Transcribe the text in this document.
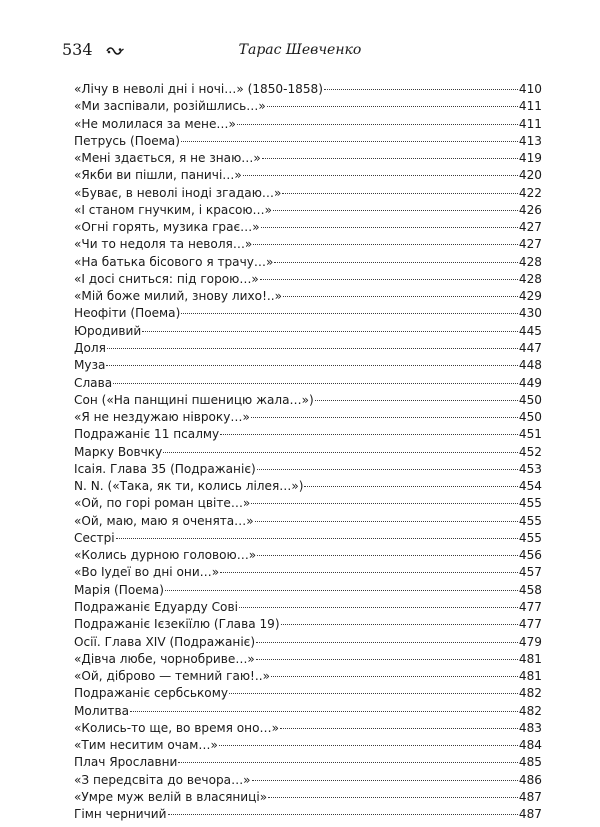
534	Тарас Шевченко
«Лічу в неволі дні і ночі…» (1850-1858)	410
«Ми заспівали, розійшлись…»	411
«Не молилася за мене…»	411
Петрусь (Поема)	413
«Мені здається, я не знаю…»	419
«Якби ви пішли, паничі…»	420
«Буває, в неволі іноді згадаю…»	422
«І станом гнучким, і красою…»	426
«Огні горять, музика грає…»	427
«Чи то недоля та неволя…»	427
«На батька бісового я трачу…»	428
«І досі сниться: під горою…»	428
«Мій боже милий, знову лихо!..»	429
Неофіти (Поема)	430
Юродивий	445
Доля	447
Муза	448
Слава	449
Сон («На панщині пшеницю жала…»)	450
«Я не нездужаю нівроку…»	450
Подражаніє 11 псалму	451
Марку Вовчку	452
Ісаія. Глава 35 (Подражаніє)	453
N. N. («Така, як ти, колись лілея…»)	454
«Ой, по горі роман цвіте…»	455
«Ой, маю, маю я оченята…»	455
Сестрі	455
«Колись дурною головою…»	456
«Во Іудеї во дні они…»	457
Марія (Поема)	458
Подражаніє Едуарду Сові	477
Подражаніє Ієзекіїлю (Глава 19)	477
Осії. Глава XIV (Подражаніє)	479
«Дівча любе, чорнобриве…»	481
«Ой, діброво — темний гаю!..»	481
Подражаніє сербському	482
Молитва	482
«Колись-то ще, во время оно…»	483
«Тим неситим очам…»	484
Плач Ярославни	485
«З передсвіта до вечора…»	486
«Умре муж велій в власяниці»	487
Гімн черничий	487
